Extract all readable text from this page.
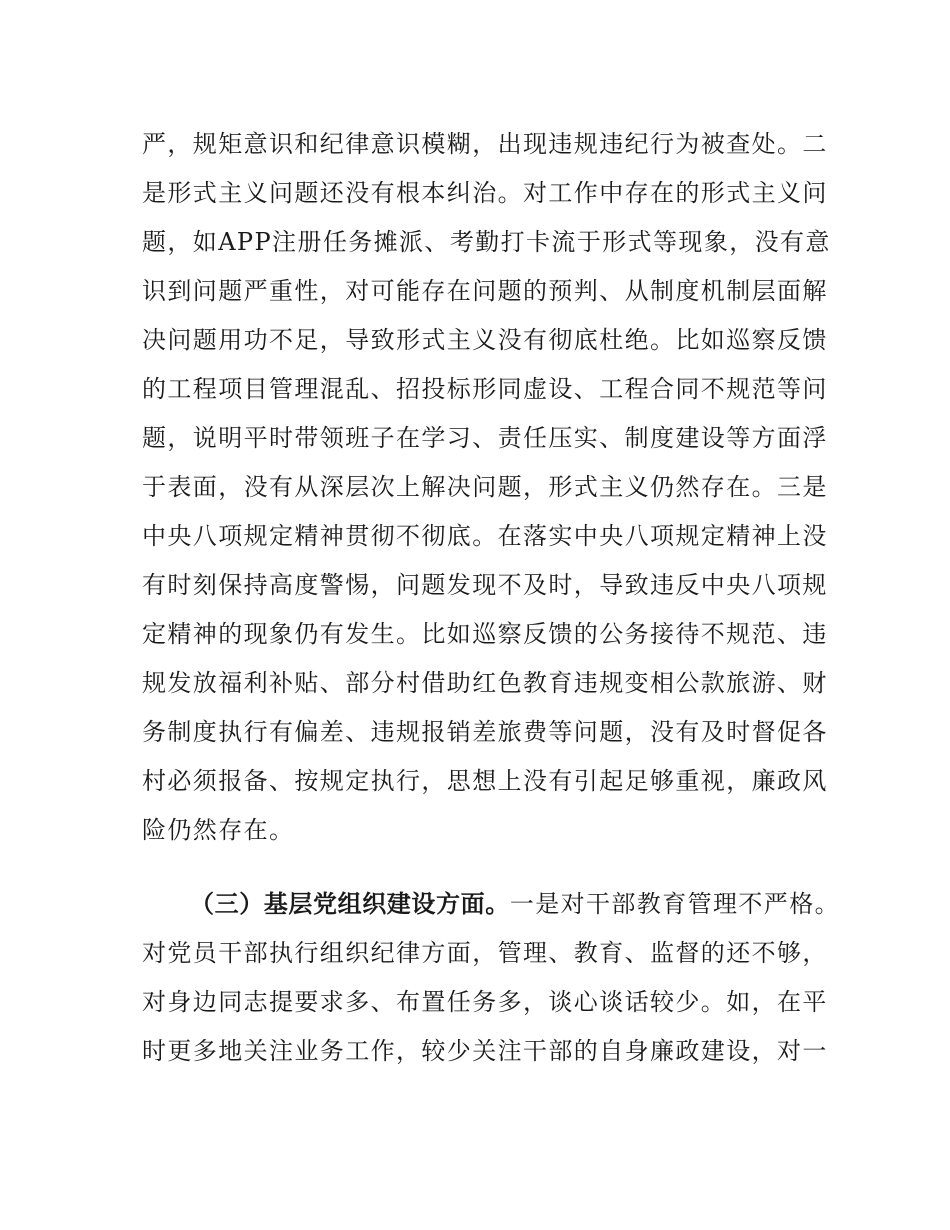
严，规矩意识和纪律意识模糊，出现违规违纪行为被查处。二
是形式主义问题还没有根本纠治。对工作中存在的形式主义问
题，如APP注册任务摊派、考勤打卡流于形式等现象，没有意
识到问题严重性，对可能存在问题的预判、从制度机制层面解
决问题用功不足，导致形式主义没有彻底杜绝。比如巡察反馈
的工程项目管理混乱、招投标形同虚设、工程合同不规范等问
题，说明平时带领班子在学习、责任压实、制度建设等方面浮
于表面，没有从深层次上解决问题，形式主义仍然存在。三是
中央八项规定精神贯彻不彻底。在落实中央八项规定精神上没
有时刻保持高度警惕，问题发现不及时，导致违反中央八项规
定精神的现象仍有发生。比如巡察反馈的公务接待不规范、违
规发放福利补贴、部分村借助红色教育违规变相公款旅游、财
务制度执行有偏差、违规报销差旅费等问题，没有及时督促各
村必须报备、按规定执行，思想上没有引起足够重视，廉政风
险仍然存在。
（三）基层党组织建设方面。一是对干部教育管理不严格。
对党员干部执行组织纪律方面，管理、教育、监督的还不够，
对身边同志提要求多、布置任务多，谈心谈话较少。如，在平
时更多地关注业务工作，较少关注干部的自身廉政建设，对一
